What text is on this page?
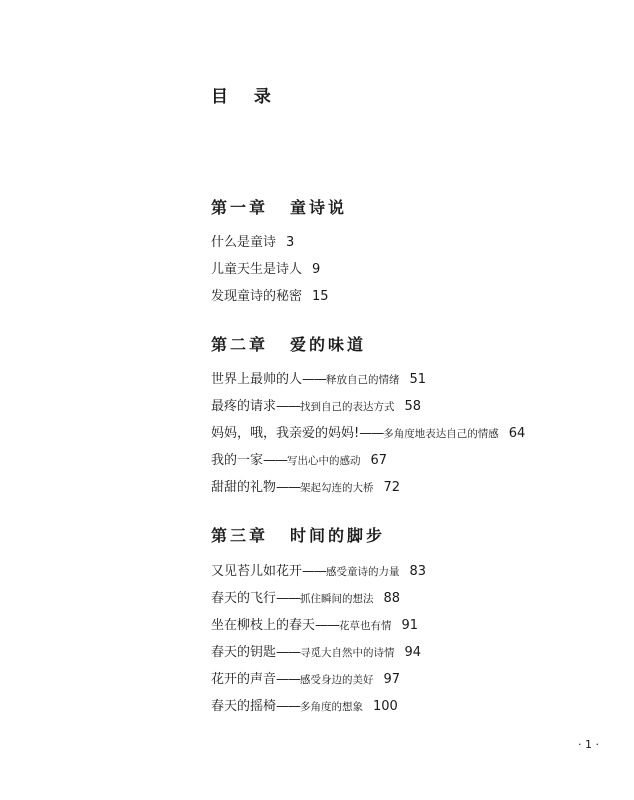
目 录
第一章 童诗说
什么是童诗 3
儿童天生是诗人 9
发现童诗的秘密 15
第二章 爱的味道
世界上最帅的人——释放自己的情绪 51
最疼的请求——找到自己的表达方式 58
妈妈，哦，我亲爱的妈妈!——多角度地表达自己的情感 64
我的一家——写出心中的感动 67
甜甜的礼物——架起勾连的大桥 72
第三章 时间的脚步
又见苔儿如花开——感受童诗的力量 83
春天的飞行——抓住瞬间的想法 88
坐在柳枝上的春天——花草也有情 91
春天的钥匙——寻觅大自然中的诗情 94
花开的声音——感受身边的美好 97
春天的摇椅——多角度的想象 100
· 1 ·
